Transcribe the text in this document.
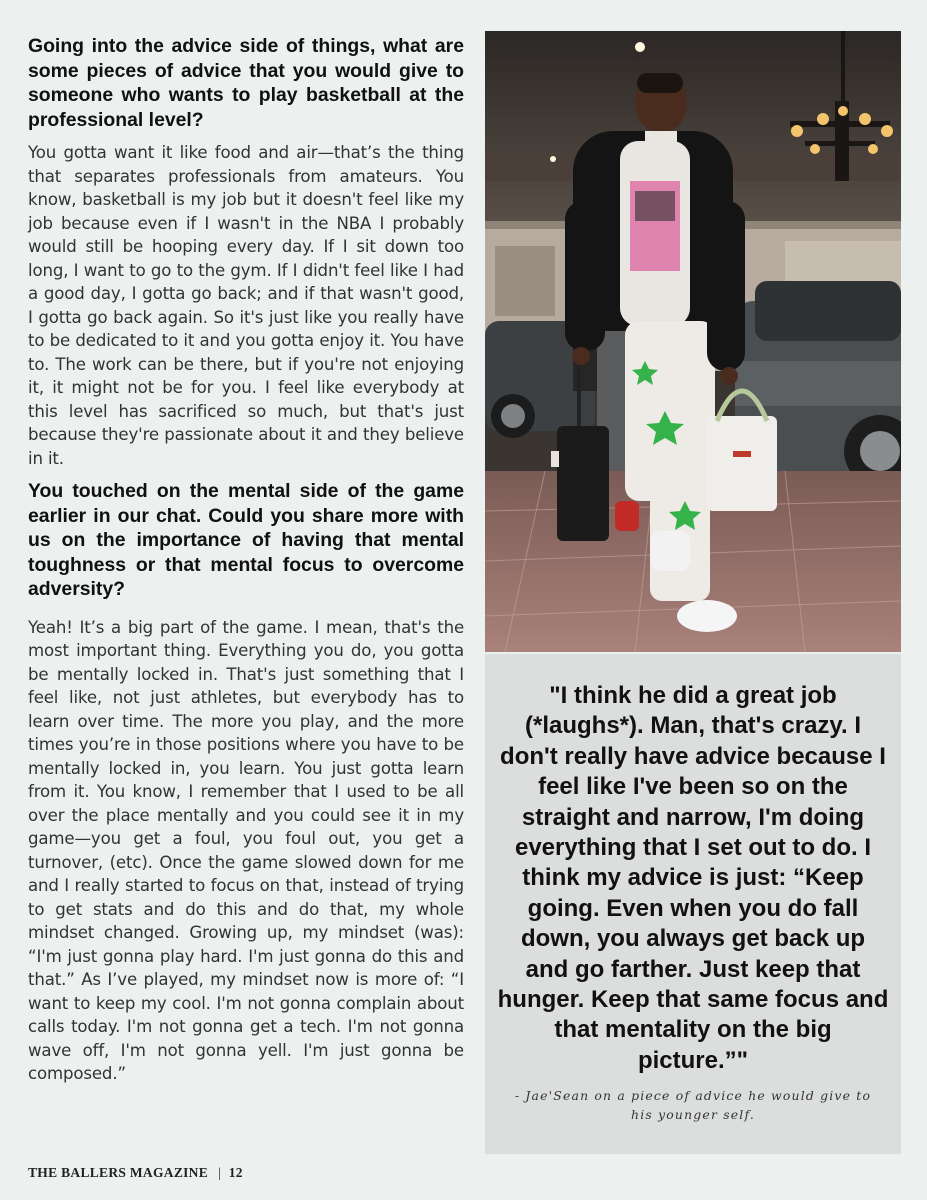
Going into the advice side of things, what are some pieces of advice that you would give to someone who wants to play basketball at the professional level?

You gotta want it like food and air—that’s the thing that separates professionals from amateurs. You know, basketball is my job but it doesn't feel like my job because even if I wasn't in the NBA I probably would still be hooping every day. If I sit down too long, I want to go to the gym. If I didn't feel like I had a good day, I gotta go back; and if that wasn't good, I gotta go back again. So it's just like you really have to be dedicated to it and you gotta enjoy it. You have to. The work can be there, but if you're not enjoying it, it might not be for you. I feel like everybody at this level has sacrificed so much, but that's just because they're passionate about it and they believe in it.

You touched on the mental side of the game earlier in our chat. Could you share more with us on the importance of having that mental toughness or that mental focus to overcome adversity?

Yeah! It’s a big part of the game. I mean, that's the most important thing. Everything you do, you gotta be mentally locked in. That's just something that I feel like, not just athletes, but everybody has to learn over time. The more you play, and the more times you’re in those positions where you have to be mentally locked in, you learn. You just gotta learn from it. You know, I remember that I used to be all over the place mentally and you could see it in my game—you get a foul, you foul out, you get a turnover, (etc). Once the game slowed down for me and I really started to focus on that, instead of trying to get stats and do this and do that, my whole mindset changed. Growing up, my mindset (was): “I'm just gonna play hard. I'm just gonna do this and that.” As I’ve played, my mindset now is more of: “I want to keep my cool. I'm not gonna complain about calls today. I'm not gonna get a tech. I'm not gonna wave off, I'm not gonna yell. I'm just gonna be composed.”

"I think he did a great job (*laughs*). Man, that's crazy. I don't really have advice because I feel like I've been so on the straight and narrow, I'm doing everything that I set out to do. I think my advice is just: “Keep going. Even when you do fall down, you always get back up and go farther. Just keep that hunger. Keep that same focus and that mentality on the big picture.”"

- Jae'Sean on a piece of advice he would give to his younger self.

THE BALLERS MAGAZINE | 12
